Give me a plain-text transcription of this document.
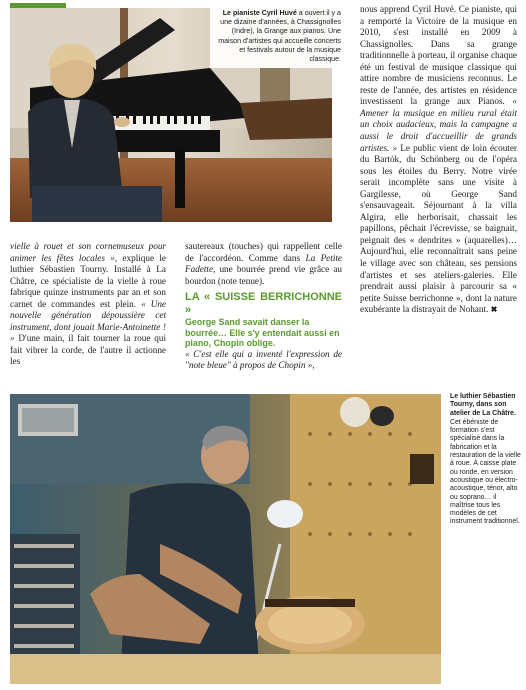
Le pianiste Cyril Huvé a ouvert il y a une dizaine d'années, à Chassignolles (Indre), la Grange aux pianos. Une maison d'artistes qui accueille concerts et festivals autour de la musique classique.

nous apprend Cyril Huvé. Ce pianiste, qui a remporté la Victoire de la musique en 2010, s'est installé en 2009 à Chassignolles. Dans sa grange traditionnelle à porteau, il organise chaque été un festival de musique classique qui attire nombre de musiciens reconnus. Le reste de l'année, des artistes en résidence investissent la grange aux Pianos. « Amener la musique en milieu rural était un choix audacieux, mais la campagne a aussi le droit d'accueillir de grands artistes. » Le public vient de loin écouter du Bartók, du Schönberg ou de l'opéra sous les étoiles du Berry. Notre virée serait incomplète sans une visite à Gargilesse, où George Sand s'ensauvageait. Séjournant à la villa Algira, elle herborisait, chassait les papillons, pêchait l'écrevisse, se baignait, peignait des « dendrites » (aquarelles)… Aujourd'hui, elle reconnaîtrait sans peine le village avec son château, ses pensions d'artistes et ses ateliers-galeries. Elle prendrait aussi plaisir à parcourir sa « petite Suisse berrichonne », dont la nature exubérante la distrayait de Nohant. ✖

vielle à rouet et son cornemuseux pour animer les fêtes locales », explique le luthier Sébastien Tourny. Installé à La Châtre, ce spécialiste de la vielle à roue fabrique quinze instruments par an et son carnet de commandes est plein. « Une nouvelle génération dépoussière cet instrument, dont jouait Marie-Antoinette ! » D'une main, il fait tourner la roue qui fait vibrer la corde, de l'autre il actionne les

sautereaux (touches) qui rappellent celle de l'accordéon. Comme dans La Petite Fadette, une bourrée prend vie grâce au bourdon (note tenue).

LA « SUISSE BERRICHONNE »
George Sand savait danser la bourrée… Elle s'y entendait aussi en piano, Chopin oblige.

« C'est elle qui a inventé l'expression de "note bleue" à propos de Chopin »,

Le luthier Sébastien Tourny, dans son atelier de La Châtre.
Cet ébéniste de formation s'est spécialisé dans la fabrication et la restauration de la vielle à roue. À caisse plate ou ronde, en version acoustique ou électro-acoustique, ténor, alto ou soprano… il maîtrise tous les modèles de cet instrument traditionnel.
